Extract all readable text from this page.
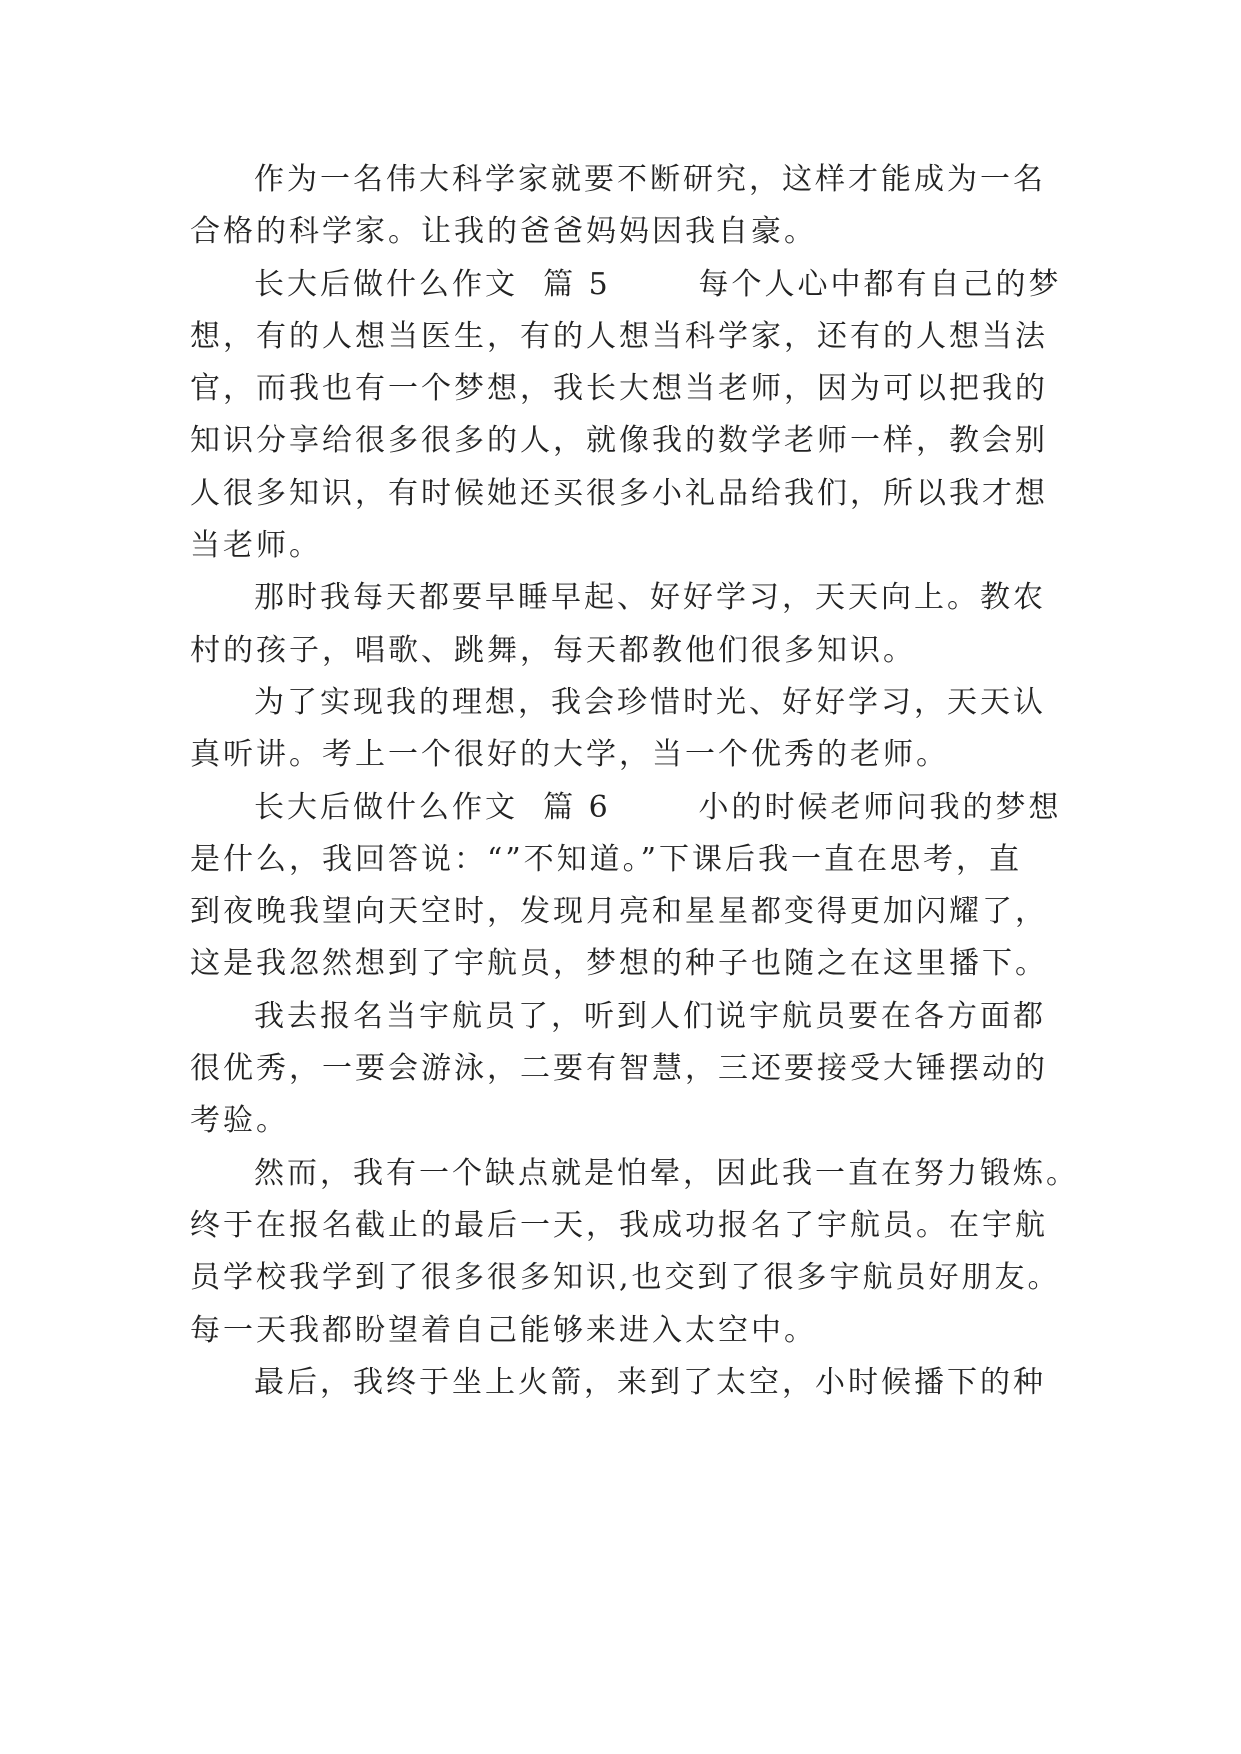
作为一名伟大科学家就要不断研究，这样才能成为一名
合格的科学家。让我的爸爸妈妈因我自豪。
长大后做什么作文  篇 5       每个人心中都有自己的梦
想，有的人想当医生，有的人想当科学家，还有的人想当法
官，而我也有一个梦想，我长大想当老师，因为可以把我的
知识分享给很多很多的人，就像我的数学老师一样，教会别
人很多知识，有时候她还买很多小礼品给我们，所以我才想
当老师。
那时我每天都要早睡早起、好好学习，天天向上。教农
村的孩子，唱歌、跳舞，每天都教他们很多知识。
为了实现我的理想，我会珍惜时光、好好学习，天天认
真听讲。考上一个很好的大学，当一个优秀的老师。
长大后做什么作文  篇 6       小的时候老师问我的梦想
是什么，我回答说：“”不知道。”下课后我一直在思考，直
到夜晚我望向天空时，发现月亮和星星都变得更加闪耀了，
这是我忽然想到了宇航员，梦想的种子也随之在这里播下。
我去报名当宇航员了，听到人们说宇航员要在各方面都
很优秀，一要会游泳，二要有智慧，三还要接受大锤摆动的
考验。
然而，我有一个缺点就是怕晕，因此我一直在努力锻炼。
终于在报名截止的最后一天，我成功报名了宇航员。在宇航
员学校我学到了很多很多知识,也交到了很多宇航员好朋友。
每一天我都盼望着自己能够来进入太空中。
最后，我终于坐上火箭，来到了太空，小时候播下的种
